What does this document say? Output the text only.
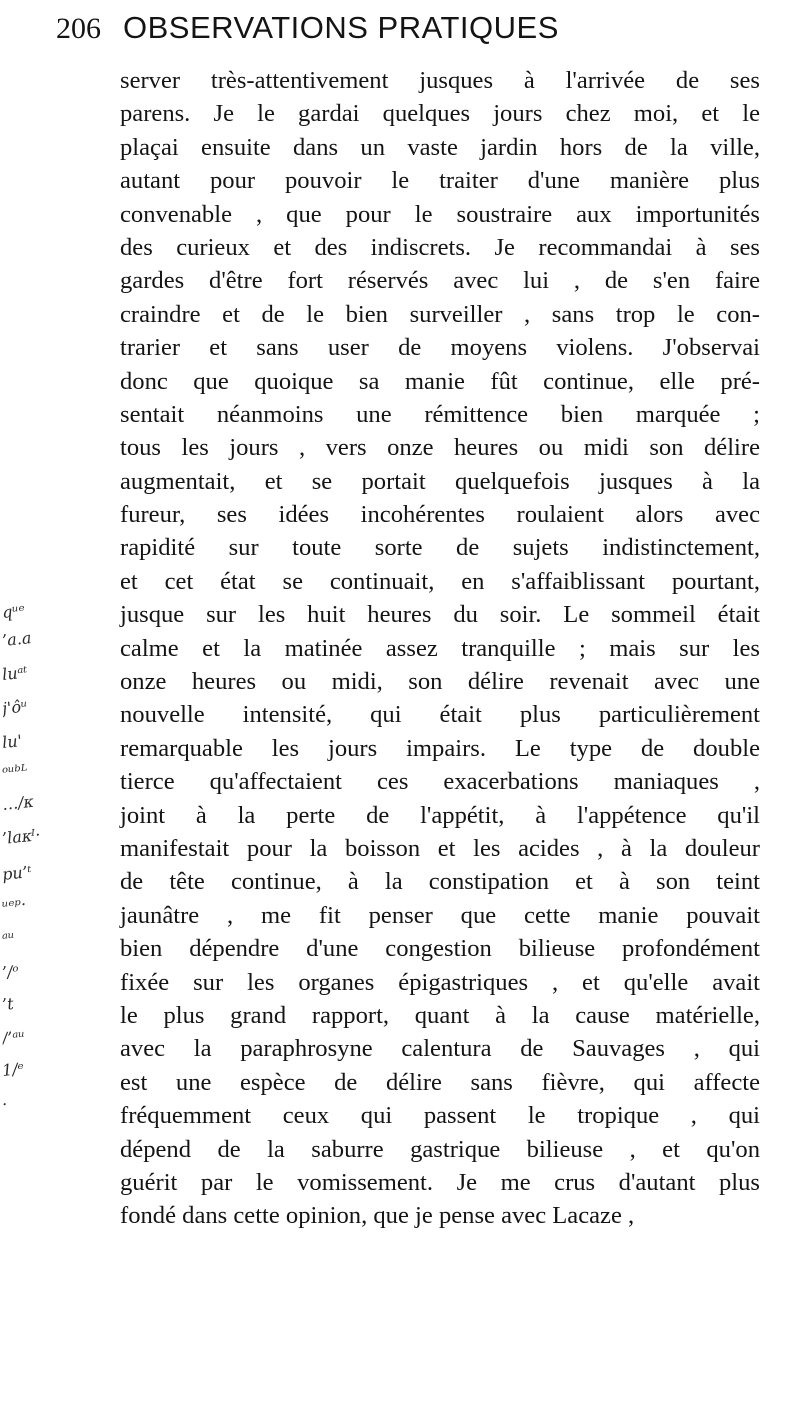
206 OBSERVATIONS PRATIQUES
server très-attentivement jusques à l'arrivée de ses
parens. Je le gardai quelques jours chez moi, et le
plaçai ensuite dans un vaste jardin hors de la ville,
autant pour pouvoir le traiter d'une manière plus
convenable , que pour le soustraire aux importunités
des curieux et des indiscrets. Je recommandai à ses
gardes d'être fort réservés avec lui , de s'en faire
craindre et de le bien surveiller , sans trop le con-
trarier et sans user de moyens violens. J'observai
donc que quoique sa manie fût continue, elle pré-
sentait néanmoins une rémittence bien marquée ;
tous les jours , vers onze heures ou midi son délire
augmentait, et se portait quelquefois jusques à la
fureur, ses idées incohérentes roulaient alors avec
rapidité sur toute sorte de sujets indistinctement,
et cet état se continuait, en s'affaiblissant pourtant,
jusque sur les huit heures du soir. Le sommeil était
calme et la matinée assez tranquille ; mais sur les
onze heures ou midi, son délire revenait avec une
nouvelle intensité, qui était plus particulièrement
remarquable les jours impairs. Le type de double
tierce qu'affectaient ces exacerbations maniaques ,
joint à la perte de l'appétit, à l'appétence qu'il
manifestait pour la boisson et les acides , à la douleur
de tête continue, à la constipation et à son teint
jaunâtre , me fit penser que cette manie pouvait
bien dépendre d'une congestion bilieuse profondément
fixée sur les organes épigastriques , et qu'elle avait
le plus grand rapport, quant à la cause matérielle,
avec la paraphrosyne calentura de Sauvages , qui
est une espèce de délire sans fièvre, qui affecte
fréquemment ceux qui passent le tropique , qui
dépend de la saburre gastrique bilieuse , et qu'on
guérit par le vomissement. Je me crus d'autant plus
fondé dans cette opinion, que je pense avec Lacaze ,
qᵘᵉ
’a.a
luᵃᵗ
j'ôᵘ
lu'
ᵒᵘᵇᴸ
…/ᴋ
’laᴋᴵ·
pu’ᵗ
ᵘᵉᵖ·
ᵃᵘ
’/ᵒ
’t
/’ᵃᵘ
1/ᵉ
·
